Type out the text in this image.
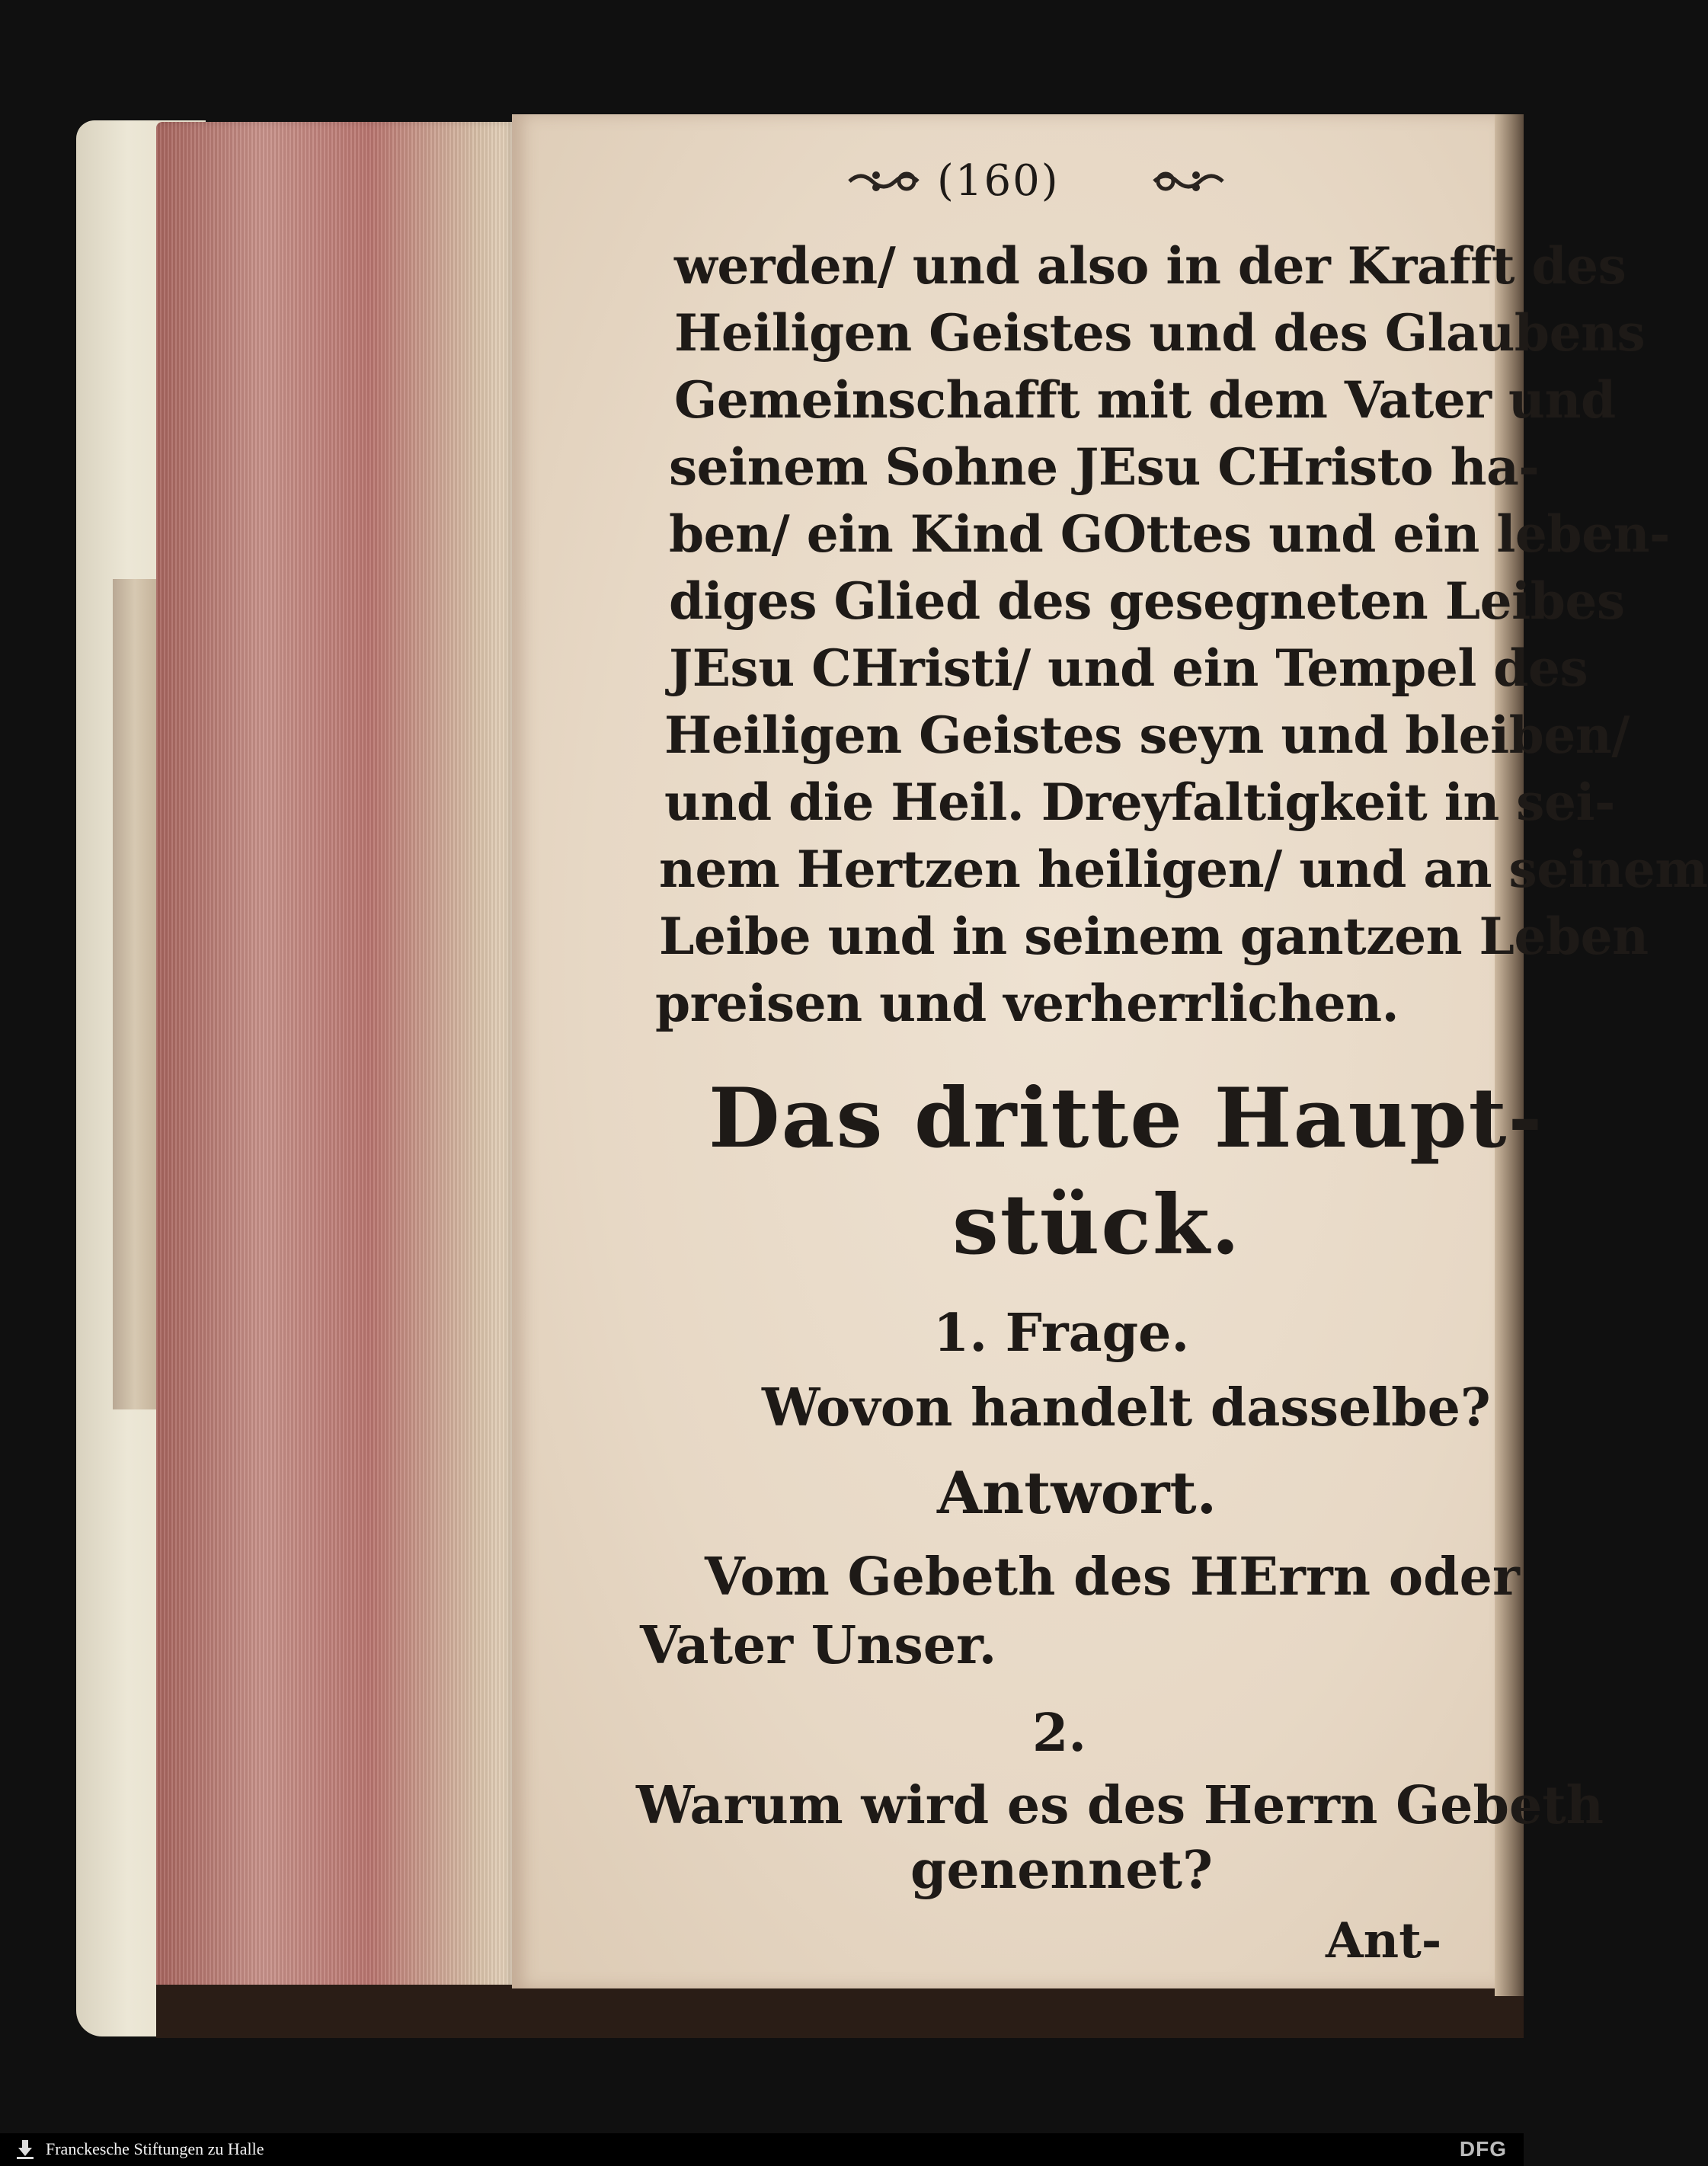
(160)
werden/ und also in der Krafft des
Heiligen Geistes und des Glaubens
Gemeinschafft mit dem Vater und
seinem Sohne JEsu CHristo ha-
ben/ ein Kind GOttes und ein leben-
diges Glied des gesegneten Leibes
JEsu CHristi/ und ein Tempel des
Heiligen Geistes seyn und bleiben/
und die Heil. Dreyfaltigkeit in sei-
nem Hertzen heiligen/ und an seinem
Leibe und in seinem gantzen Leben
preisen und verherrlichen.
Das dritte Haupt-
stück.
1. Frage.
Wovon handelt dasselbe?
Antwort.
Vom Gebeth des HErrn oder
Vater Unser.
2.
Warum wird es des Herrn Gebeth
genennet?
Ant-
Franckesche Stiftungen zu Halle	DFG
